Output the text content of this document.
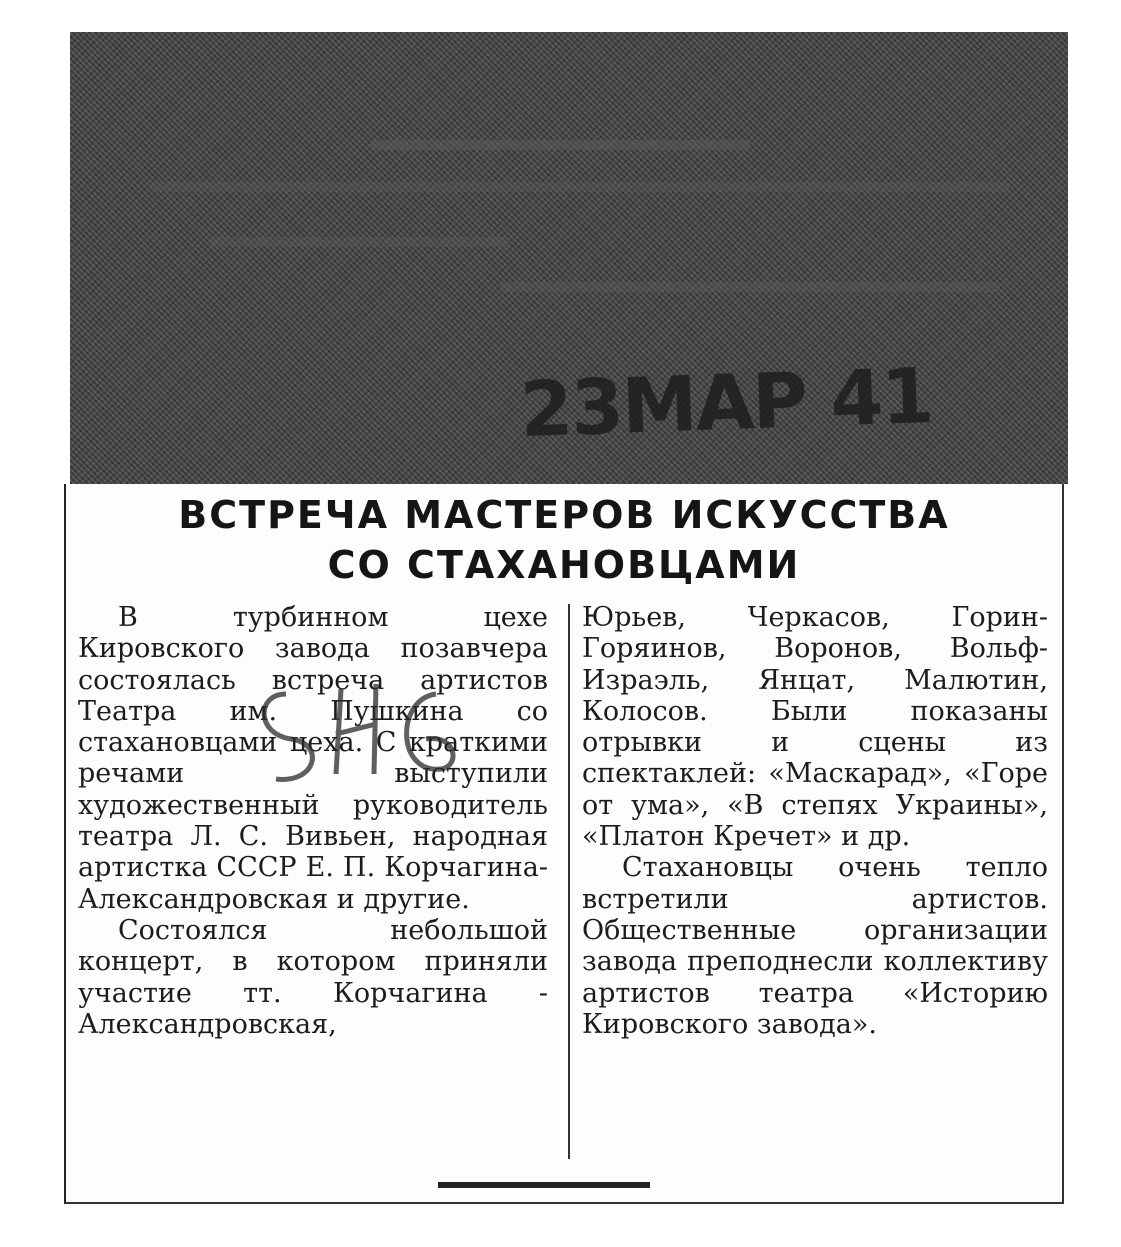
23МАР 41
ВСТРЕЧА МАСТЕРОВ ИСКУССТВА
СО СТАХАНОВЦАМИ

В турбинном цехе Кировского завода позавчера состоялась встреча артистов Театра им. Пушкина со стахановцами цеха. С краткими речами выступили художественный руководитель театра Л. С. Вивьен, народная артистка СССР Е. П. Корчагина-Александровская и другие.

Состоялся небольшой концерт, в котором приняли участие тт. Корчагина - Александровская,

Юрьев, Черкасов, Горин-Горяинов, Воронов, Вольф-Израэль, Янцат, Малютин, Колосов. Были показаны отрывки и сцены из спектаклей: «Маскарад», «Горе от ума», «В степях Украины», «Платон Кречет» и др.

Стахановцы очень тепло встретили артистов. Общественные организации завода преподнесли коллективу артистов театра «Историю Кировского завода».
